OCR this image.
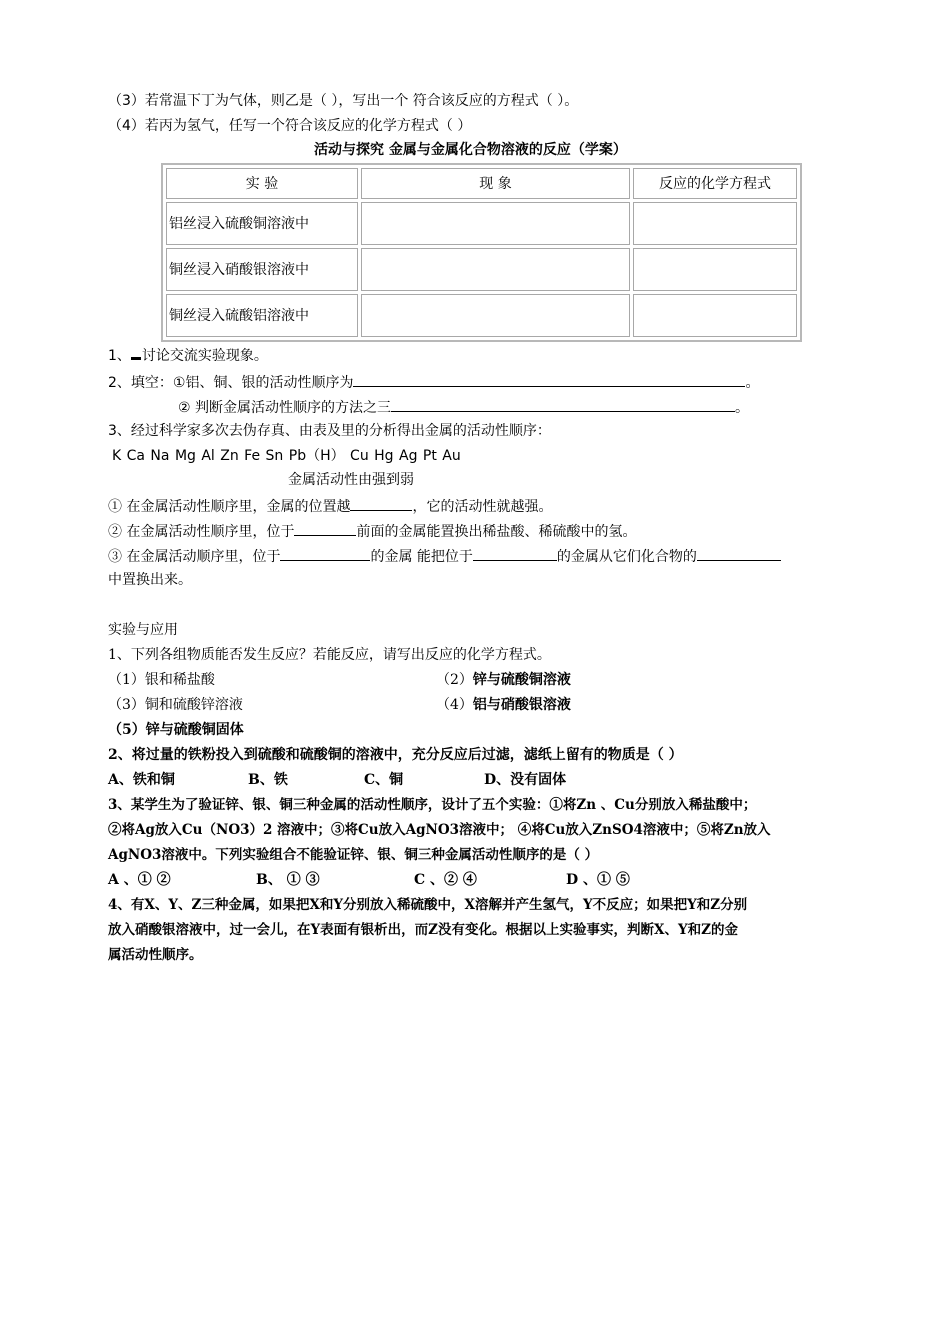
（3）若常温下丁为气体，则乙是（ ），写出一个 符合该反应的方程式（ ）。
（4）若丙为氢气，任写一个符合该反应的化学方程式（ ）
活动与探究 金属与金属化合物溶液的反应（学案）
实 验	现 象	反应的化学方程式
铝丝浸入硫酸铜溶液中		
铜丝浸入硝酸银溶液中		
铜丝浸入硫酸铝溶液中		
1、 讨论交流实验现象。
2、填空：①铝、铜、银的活动性顺序为	。
② 判断金属活动性顺序的方法之三	。
3、经过科学家多次去伪存真、由表及里的分析得出金属的活动性顺序：
K Ca Na Mg Al Zn Fe Sn Pb（H） Cu Hg Ag Pt Au
金属活动性由强到弱
① 在金属活动性顺序里，金属的位置越	，它的活动性就越强。
② 在金属活动性顺序里，位于	前面的金属能置换出稀盐酸、稀硫酸中的氢。
③ 在金属活动顺序里，位于	的金属 能把位于	的金属从它们化合物的
中置换出来。
实验与应用
1、下列各组物质能否发生反应？若能反应，请写出反应的化学方程式。
（1）银和稀盐酸	（2）锌与硫酸铜溶液
（3）铜和硫酸锌溶液	（4）铝与硝酸银溶液
（5）锌与硫酸铜固体
2、将过量的铁粉投入到硫酸和硫酸铜的溶液中，充分反应后过滤，滤纸上留有的物质是（ ）
A、铁和铜	B、铁	C、铜	D、没有固体
3、某学生为了验证锌、银、铜三种金属的活动性顺序，设计了五个实验：①将Zn 、Cu分别放入稀盐酸中；
②将Ag放入Cu（NO3）2 溶液中；③将Cu放入AgNO3溶液中； ④将Cu放入ZnSO4溶液中；⑤将Zn放入
AgNO3溶液中。下列实验组合不能验证锌、银、铜三种金属活动性顺序的是（ ）
A 、① ②	B、 ① ③	C 、② ④	D 、① ⑤
4、有X、Y、Z三种金属，如果把X和Y分别放入稀硫酸中，X溶解并产生氢气，Y不反应；如果把Y和Z分别
放入硝酸银溶液中，过一会儿，在Y表面有银析出，而Z没有变化。根据以上实验事实，判断X、Y和Z的金
属活动性顺序。
